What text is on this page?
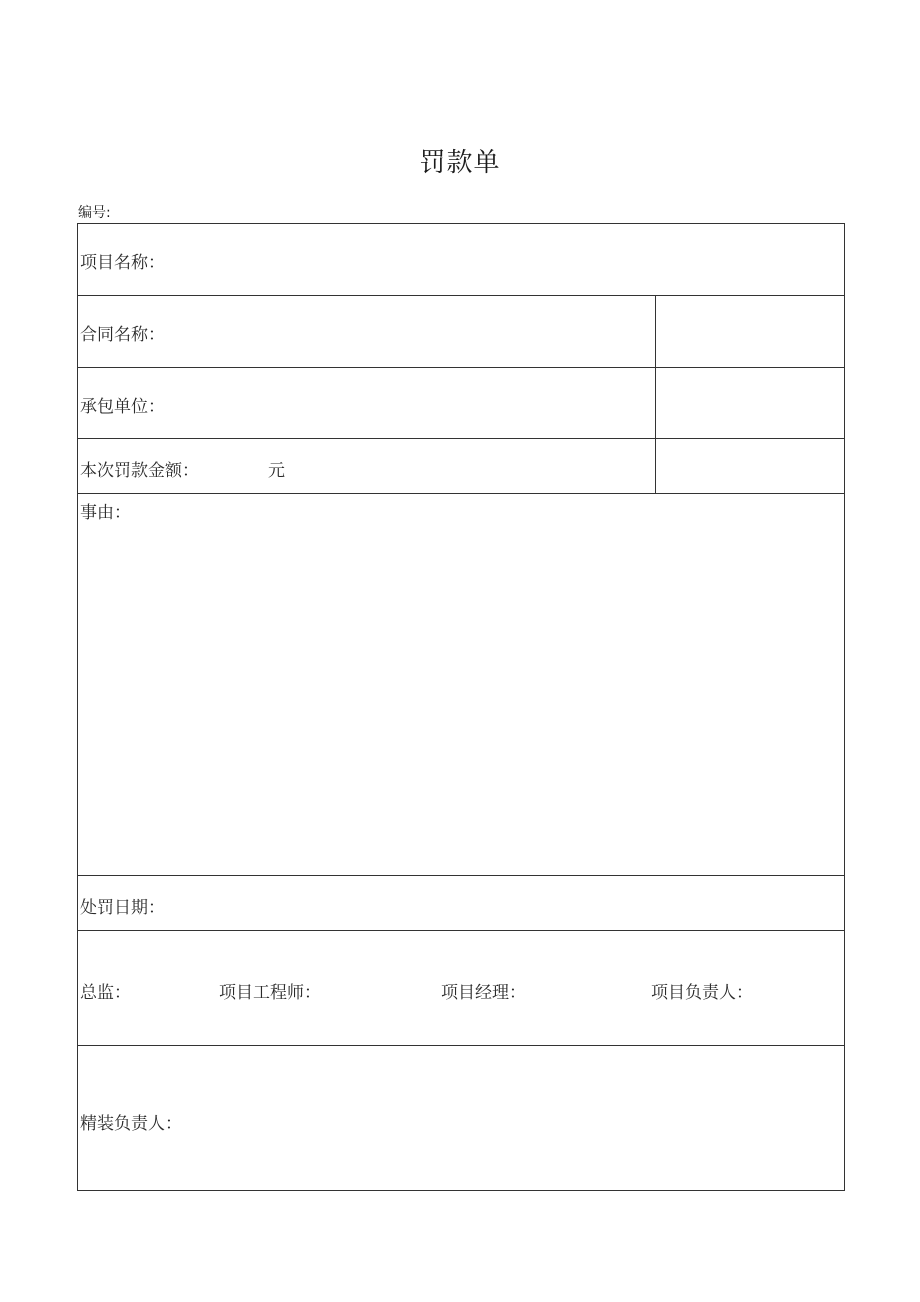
罚款单
编号:
项目名称：
合同名称：
承包单位：
本次罚款金额：	元
事由：
处罚日期：
总监：	项目工程师：	项目经理：	项目负责人：
精装负责人：
